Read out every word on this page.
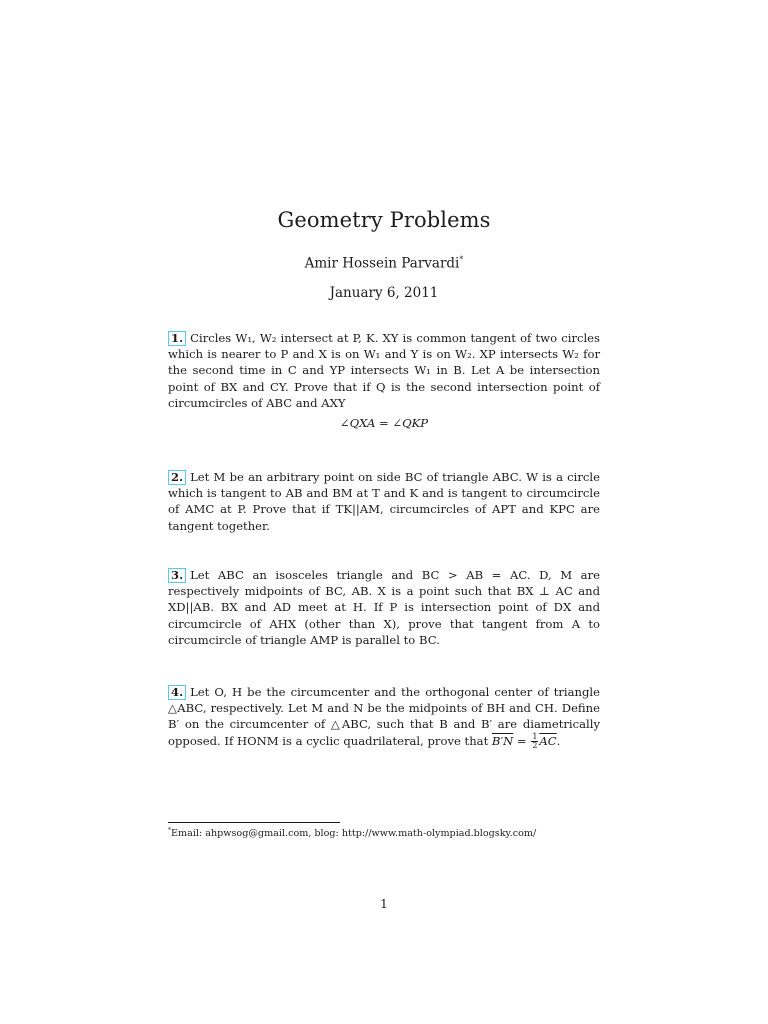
Geometry Problems
Amir Hossein Parvardi*
January 6, 2011
1. Circles W₁, W₂ intersect at P, K. XY is common tangent of two circles which is nearer to P and X is on W₁ and Y is on W₂. XP intersects W₂ for the second time in C and YP intersects W₁ in B. Let A be intersection point of BX and CY. Prove that if Q is the second intersection point of circumcircles of ABC and AXY
∠QXA = ∠QKP
2. Let M be an arbitrary point on side BC of triangle ABC. W is a circle which is tangent to AB and BM at T and K and is tangent to circumcircle of AMC at P. Prove that if TK||AM, circumcircles of APT and KPC are tangent together.
3. Let ABC an isosceles triangle and BC > AB = AC. D, M are respectively midpoints of BC, AB. X is a point such that BX ⊥ AC and XD||AB. BX and AD meet at H. If P is intersection point of DX and circumcircle of AHX (other than X), prove that tangent from A to circumcircle of triangle AMP is parallel to BC.
4. Let O, H be the circumcenter and the orthogonal center of triangle △ABC, respectively. Let M and N be the midpoints of BH and CH. Define B′ on the circumcenter of △ABC, such that B and B′ are diametrically opposed. If HONM is a cyclic quadrilateral, prove that $B'N = \frac{1}{2} \overline{AC}$.
*Email: ahpwsog@gmail.com, blog: http://www.math-olympiad.blogsky.com/
1
